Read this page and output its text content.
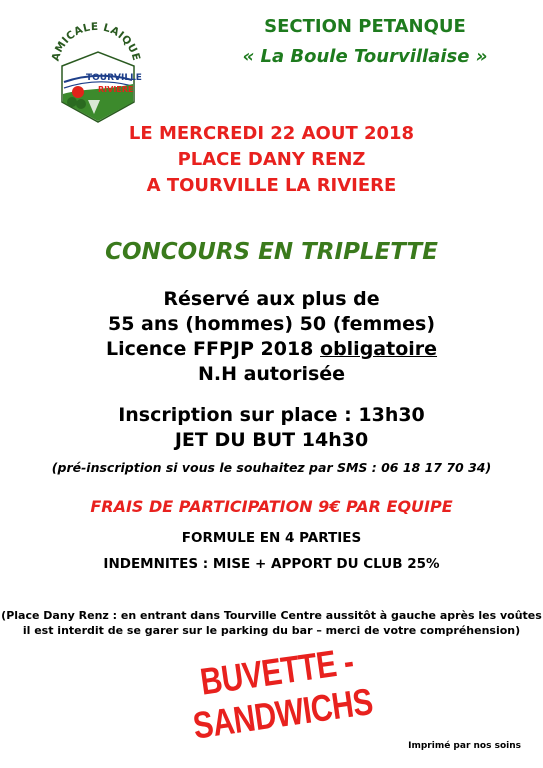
AMICALE LAIQUE
TOURVILLE
RIVIERE
SECTION PETANQUE
« La Boule Tourvillaise »
LE MERCREDI 22 AOUT 2018
PLACE DANY RENZ
A TOURVILLE LA RIVIERE
CONCOURS EN TRIPLETTE
Réservé aux plus de
55 ans (hommes) 50 (femmes)
Licence FFPJP 2018 obligatoire
N.H autorisée
Inscription sur place : 13h30
JET DU BUT 14h30
(pré-inscription si vous le souhaitez par SMS : 06 18 17 70 34)
FRAIS DE PARTICIPATION 9€ PAR EQUIPE
FORMULE EN 4 PARTIES
INDEMNITES : MISE + APPORT DU CLUB 25%
(Place Dany Renz : en entrant dans Tourville Centre aussitôt à gauche après les voûtes
il est interdit de se garer sur le parking du bar – merci de votre compréhension)
BUVETTE - SANDWICHS	Imprimé par nos soins
